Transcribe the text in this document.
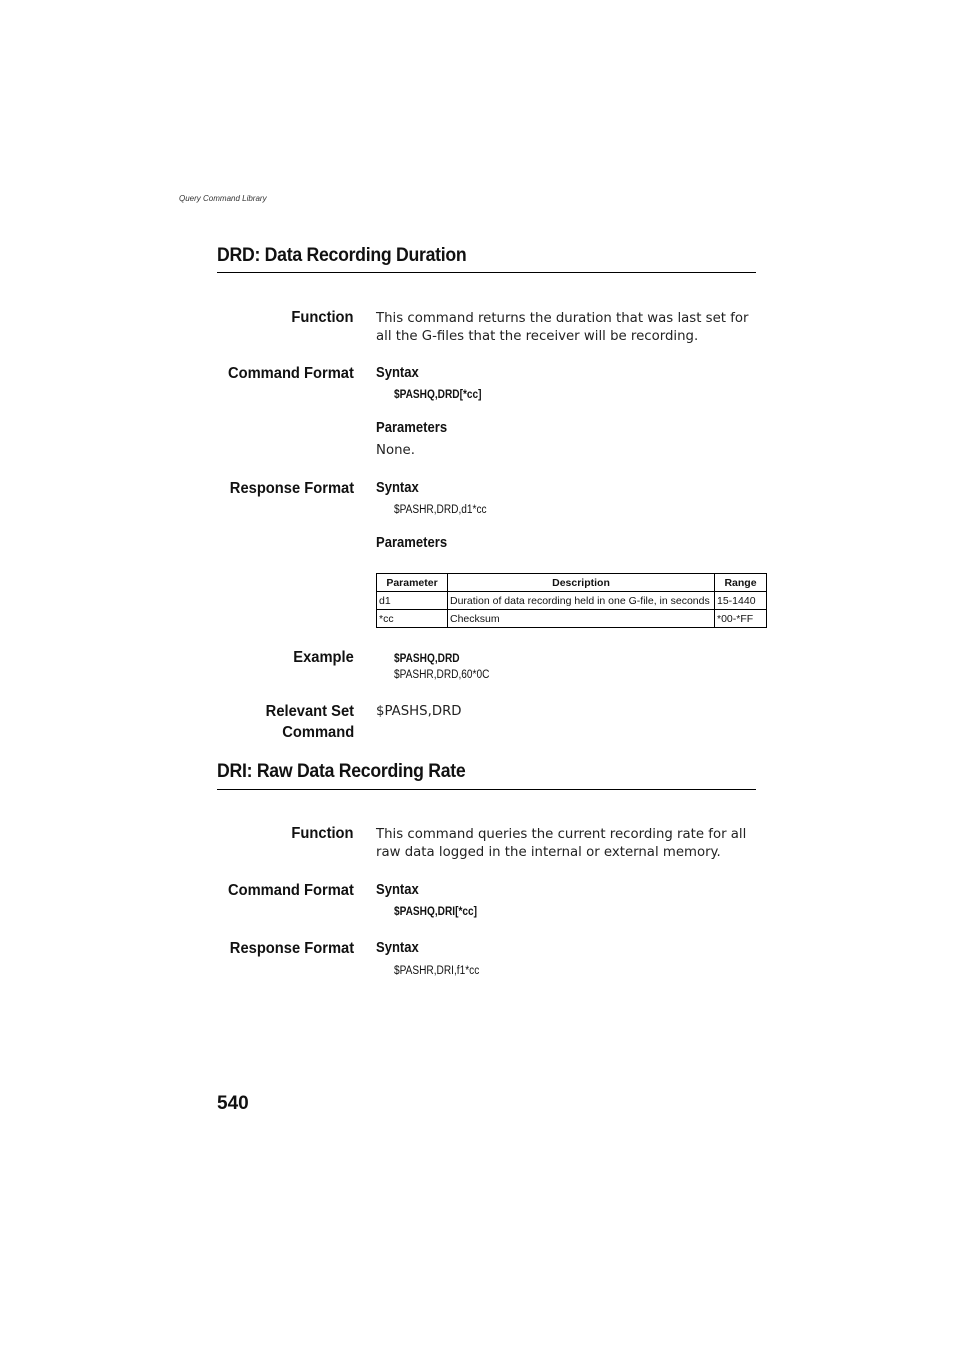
Query Command Library
DRD: Data Recording Duration
Function This command returns the duration that was last set for all the G-files that the receiver will be recording.
Command Format Syntax
$PASHQ,DRD[*cc]
Parameters
None.
Response Format Syntax
$PASHR,DRD,d1*cc
Parameters
Parameter	Description	Range
d1	Duration of data recording held in one G-file, in seconds	15-1440
*cc	Checksum	*00-*FF
Example	$PASHQ,DRD
$PASHR,DRD,60*0C
Relevant Set
Command
$PASHS,DRD
DRI: Raw Data Recording Rate
Function This command queries the current recording rate for all raw data logged in the internal or external memory.
Command Format Syntax
$PASHQ,DRI[*cc]
Response Format Syntax
$PASHR,DRI,f1*cc
540
